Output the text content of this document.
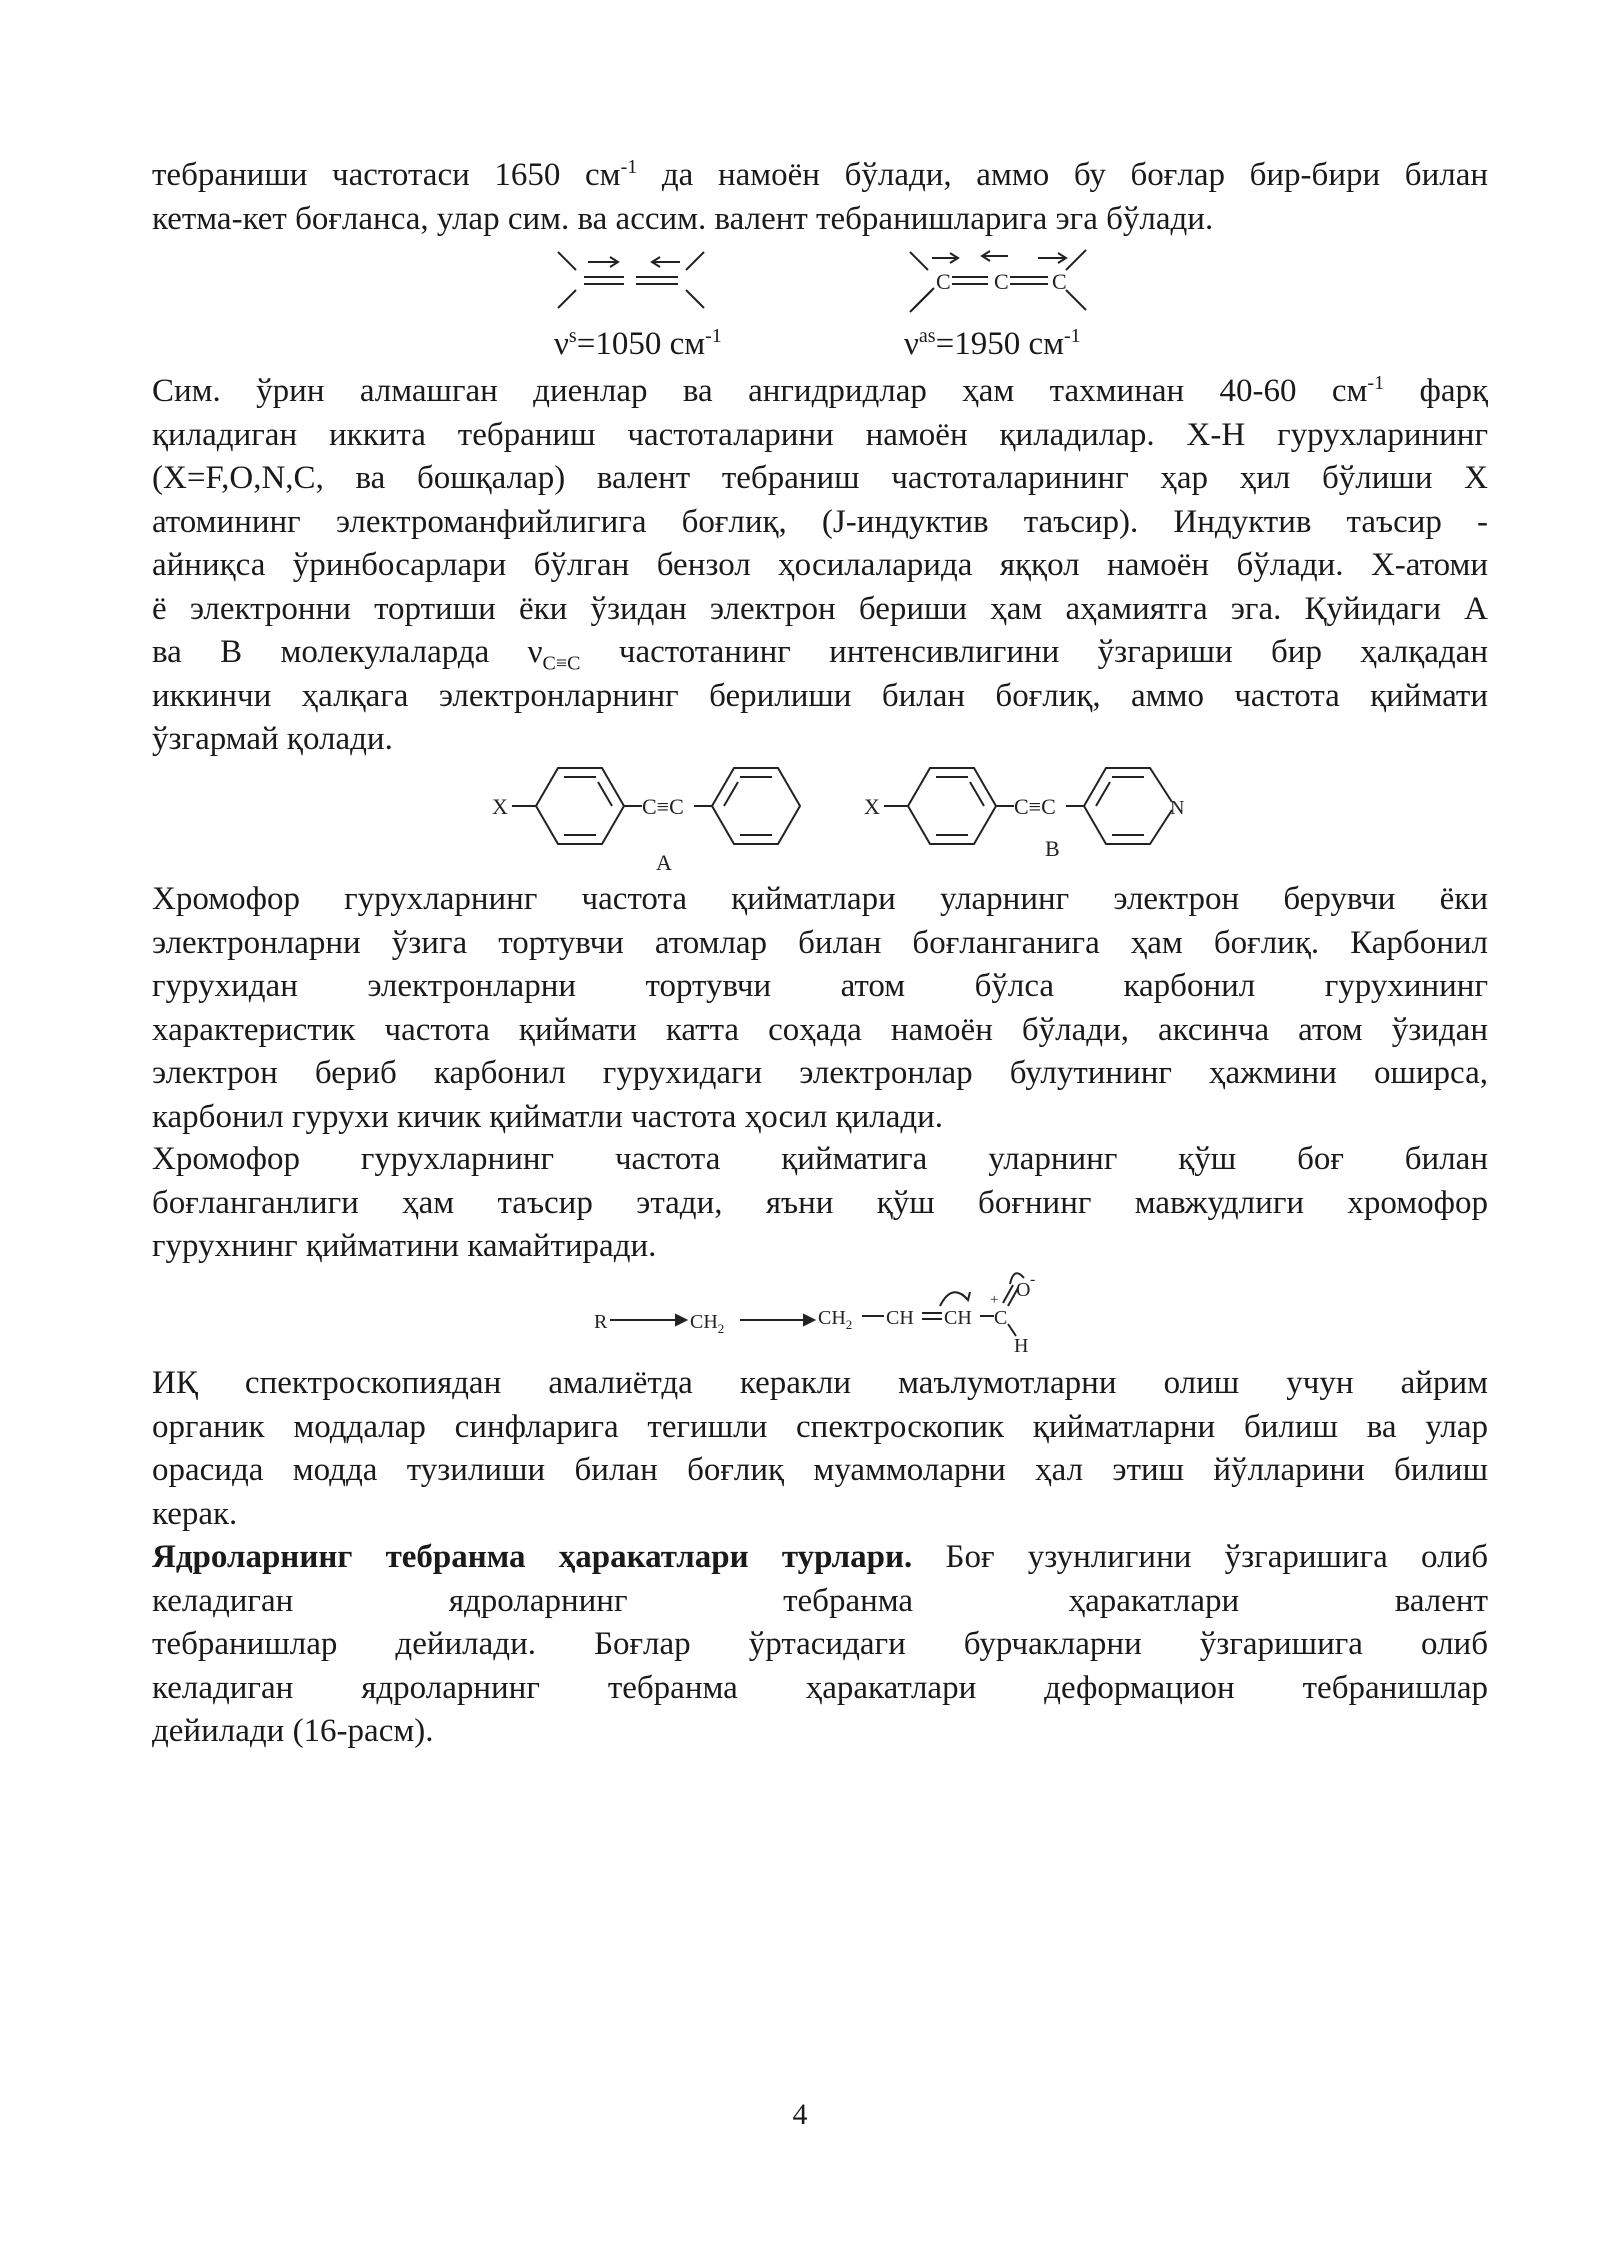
тебраниши частотаси 1650 $см^{-1}$ да намоён бўлади, аммо бу боғлар бир-бири билан
кетма-кет боғланса, улар сим. ва ассим. валент тебранишларига эга бўлади.
C C C
$\nu^s=1050$ $см^{-1}$	$\nu^{as}=1950$ $см^{-1}$
Сим. ўрин алмашган диенлар ва ангидридлар ҳам тахминан 40-60 $см^{-1}$ фарқ
қиладиган иккита тебраниш частоталарини намоён қиладилар. X-H гурухларининг
(X=F,O,N,C, ва бошқалар) валент тебраниш частоталарининг ҳар ҳил бўлиши X
атомининг электроманфийлигига боғлиқ, (J-индуктив таъсир). Индуктив таъсир -
айниқса ўринбосарлари бўлган бензол ҳосилаларида яққол намоён бўлади. X-атоми
ё электронни тортиши ёки ўзидан электрон бериши ҳам аҳамиятга эга. Қуйидаги А
ва В молекулаларда $\nu_{C\equiv C}$ частотанинг интенсивлигини ўзгариши бир ҳалқадан
иккинчи ҳалқага электронларнинг берилиши билан боғлиқ, аммо частота қиймати
ўзгармай қолади.
X	C≡C
A
X	C≡C
B
N
Хромофор гурухларнинг частота қийматлари уларнинг электрон берувчи ёки
электронларни ўзига тортувчи атомлар билан боғланганига ҳам боғлиқ. Карбонил
гурухидан электронларни тортувчи атом бўлса карбонил гурухининг
характеристик частота қиймати катта соҳада намоён бўлади, аксинча атом ўзидан
электрон бериб карбонил гурухидаги электронлар булутининг ҳажмини оширса,
карбонил гурухи кичик қийматли частота ҳосил қилади.
Хромофор гурухларнинг частота қийматига уларнинг қўш боғ билан
боғланганлиги ҳам таъсир этади, яъни қўш боғнинг мавжудлиги хромофор
гурухнинг қийматини камайтиради.
R	$CH_2$	$CH_2$ CH CH C
+ O -
H
ИҚ спектроскопиядан амалиётда керакли маълумотларни олиш учун айрим
органик моддалар синфларига тегишли спектроскопик қийматларни билиш ва улар
орасида модда тузилиши билан боғлиқ муаммоларни ҳал этиш йўлларини билиш
керак.
Ядроларнинг тебранма ҳаракатлари турлари. Боғ узунлигини ўзгаришига олиб
келадиган ядроларнинг тебранма ҳаракатлари валент
тебранишлар дейилади. Боғлар ўртасидаги бурчакларни ўзгаришига олиб
келадиган ядроларнинг тебранма ҳаракатлари деформацион тебранишлар
дейилади (16-расм).
4
